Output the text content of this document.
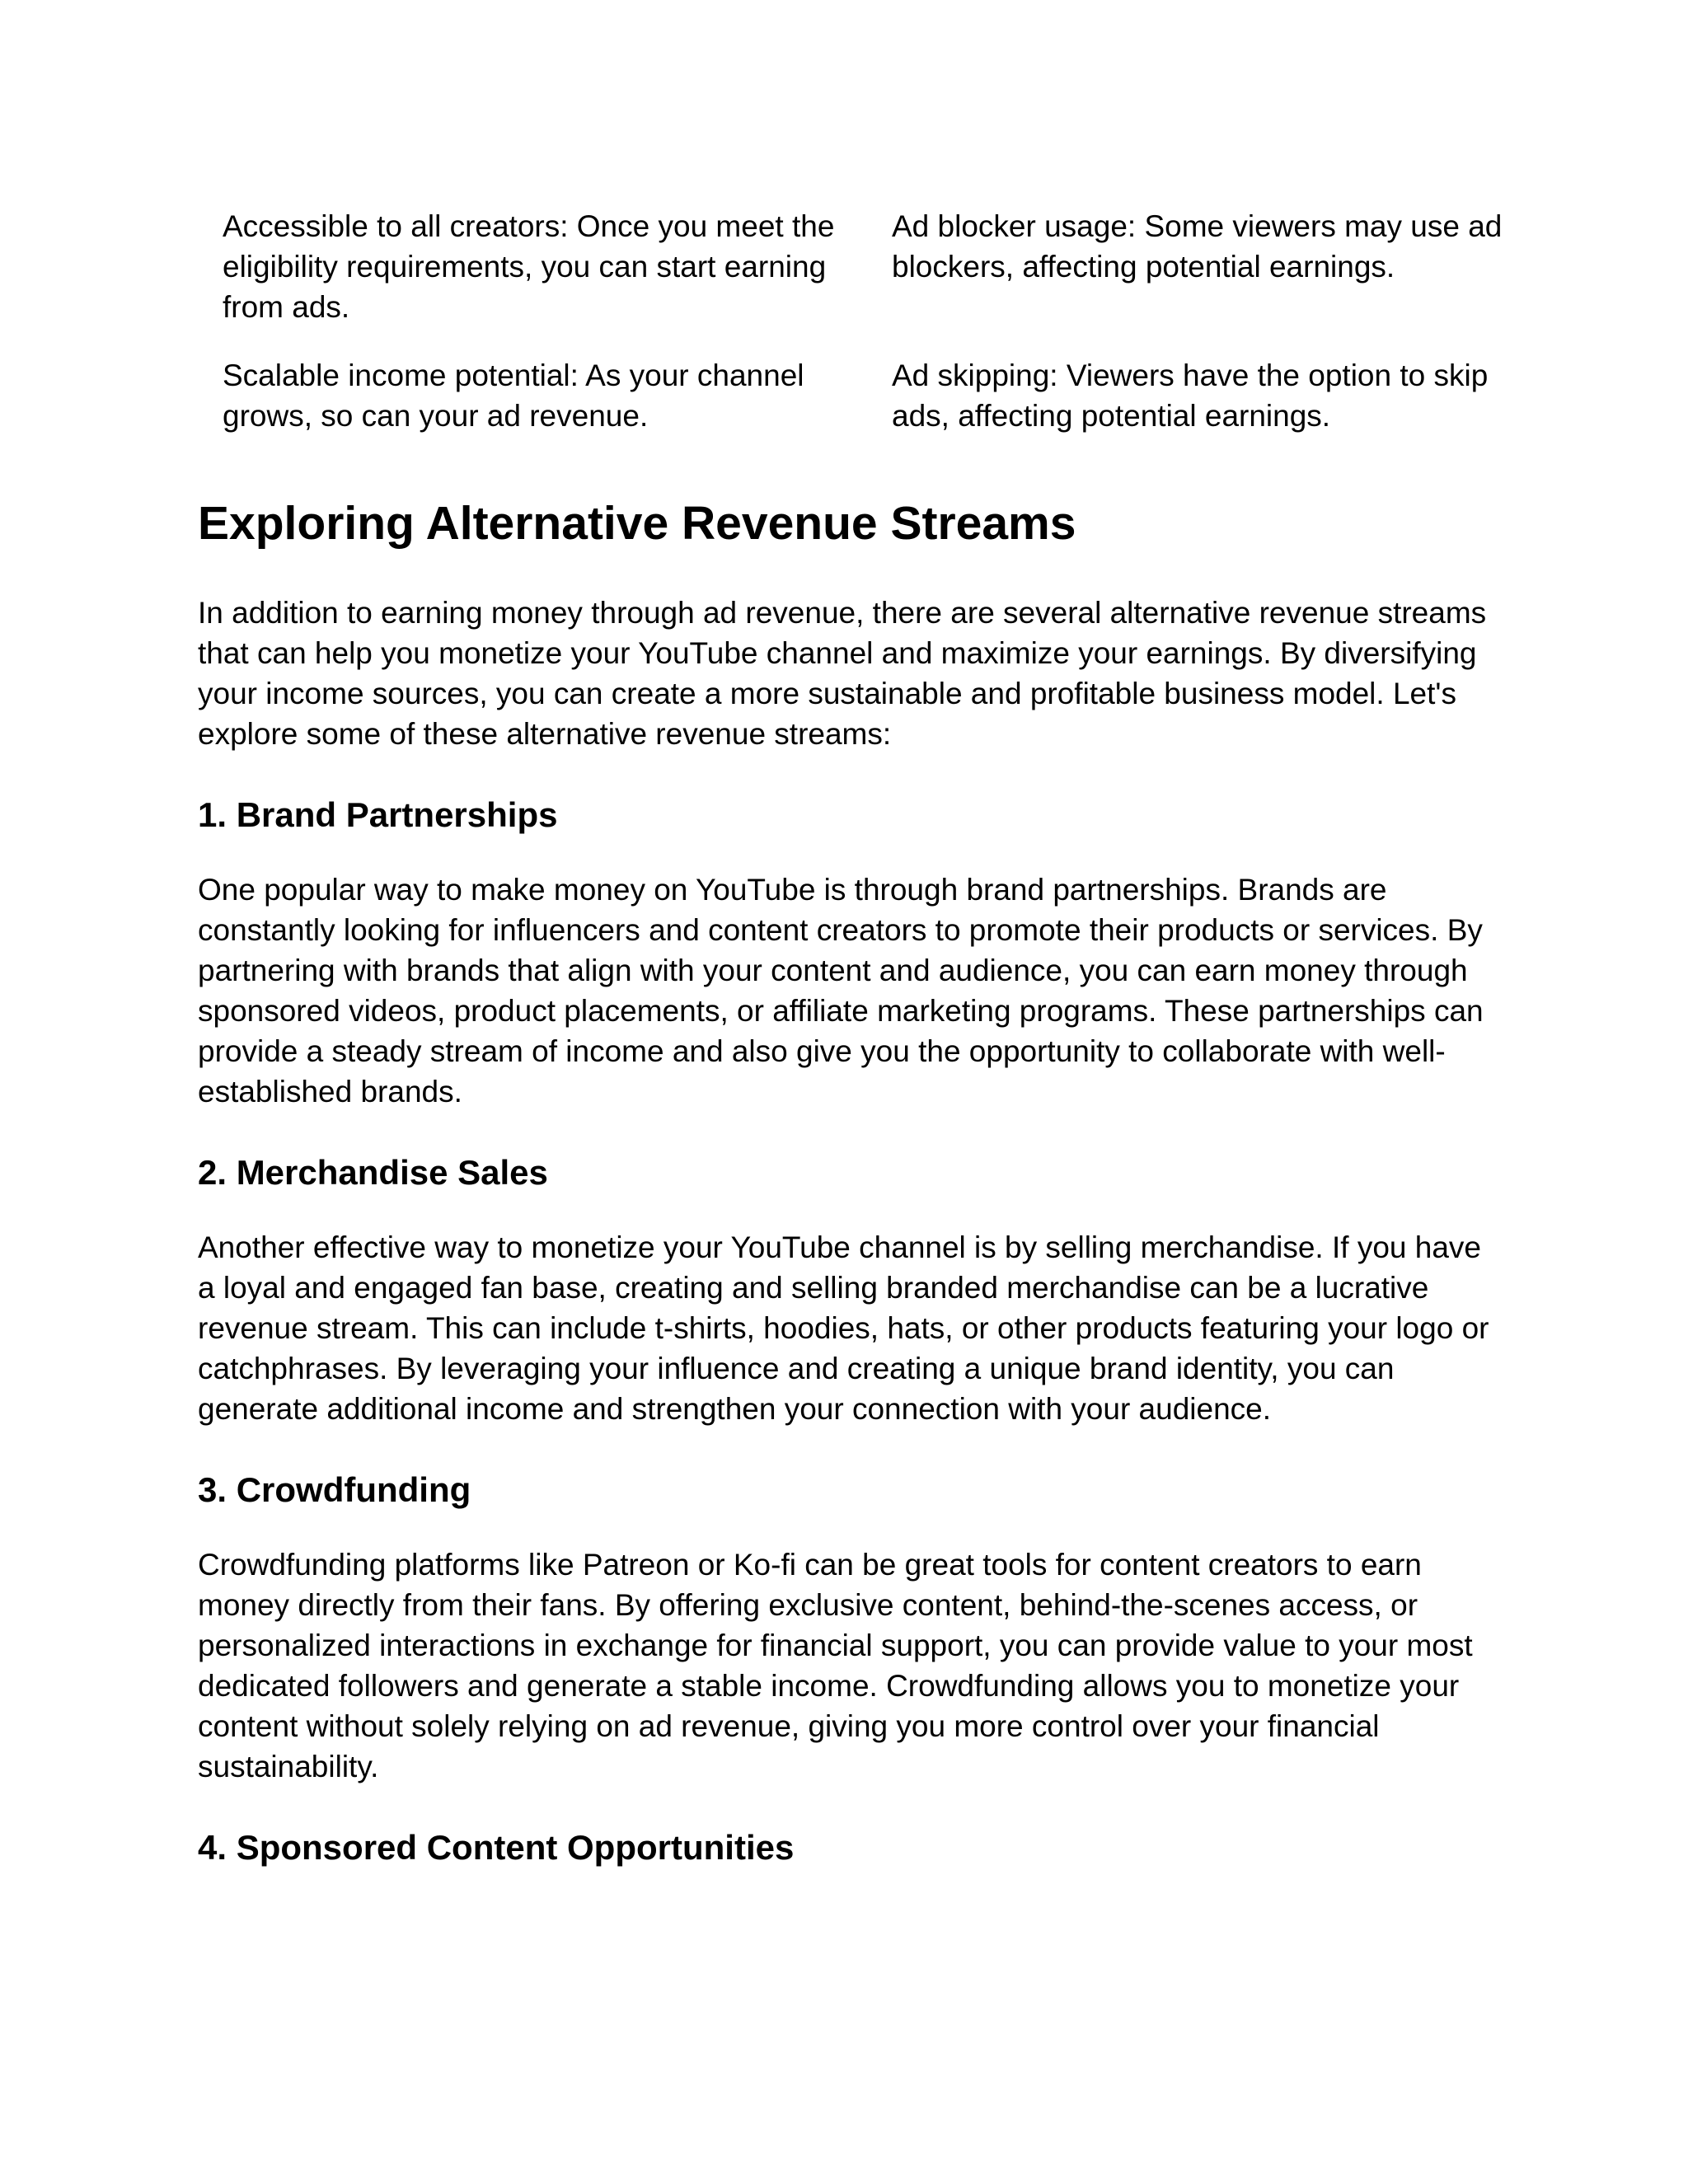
Accessible to all creators: Once you meet the eligibility requirements, you can start earning from ads.
Ad blocker usage: Some viewers may use ad blockers, affecting potential earnings.
Scalable income potential: As your channel grows, so can your ad revenue.
Ad skipping: Viewers have the option to skip ads, affecting potential earnings.
Exploring Alternative Revenue Streams

In addition to earning money through ad revenue, there are several alternative revenue streams that can help you monetize your YouTube channel and maximize your earnings. By diversifying your income sources, you can create a more sustainable and profitable business model. Let's explore some of these alternative revenue streams:

1. Brand Partnerships

One popular way to make money on YouTube is through brand partnerships. Brands are constantly looking for influencers and content creators to promote their products or services. By partnering with brands that align with your content and audience, you can earn money through sponsored videos, product placements, or affiliate marketing programs. These partnerships can provide a steady stream of income and also give you the opportunity to collaborate with well-established brands.

2. Merchandise Sales

Another effective way to monetize your YouTube channel is by selling merchandise. If you have a loyal and engaged fan base, creating and selling branded merchandise can be a lucrative revenue stream. This can include t-shirts, hoodies, hats, or other products featuring your logo or catchphrases. By leveraging your influence and creating a unique brand identity, you can generate additional income and strengthen your connection with your audience.

3. Crowdfunding

Crowdfunding platforms like Patreon or Ko-fi can be great tools for content creators to earn money directly from their fans. By offering exclusive content, behind-the-scenes access, or personalized interactions in exchange for financial support, you can provide value to your most dedicated followers and generate a stable income. Crowdfunding allows you to monetize your content without solely relying on ad revenue, giving you more control over your financial sustainability.

4. Sponsored Content Opportunities
